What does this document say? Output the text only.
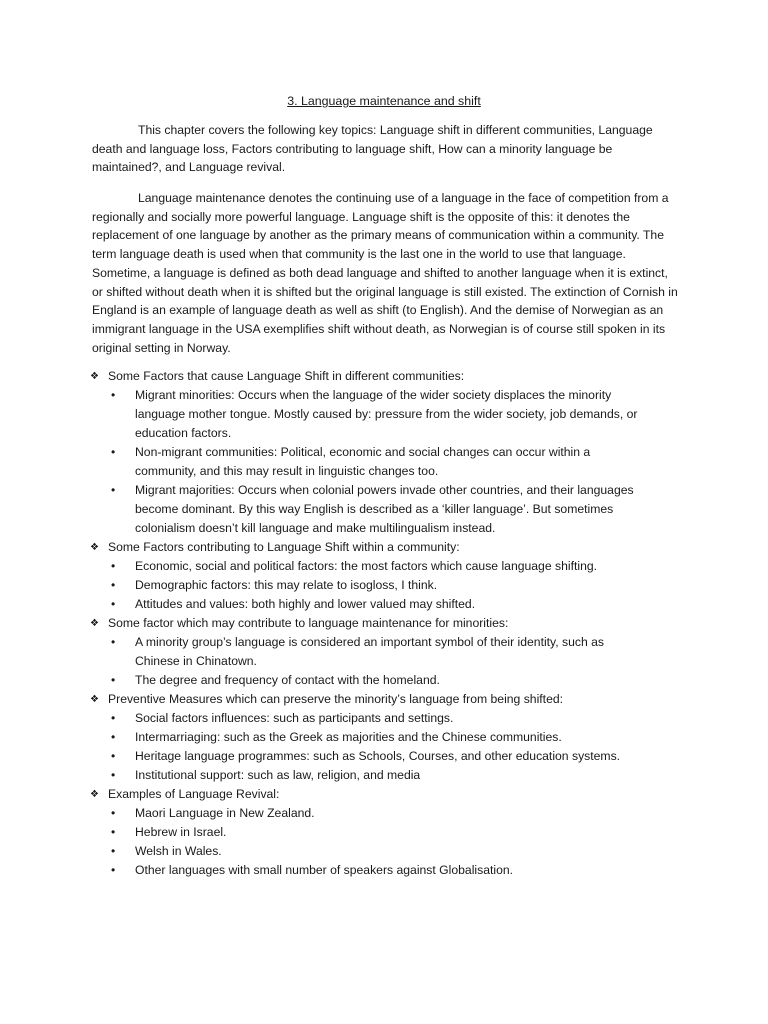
3. Language maintenance and shift

This chapter covers the following key topics: Language shift in different communities, Language death and language loss, Factors contributing to language shift, How can a minority language be maintained?, and Language revival.

Language maintenance denotes the continuing use of a language in the face of competition from a regionally and socially more powerful language. Language shift is the opposite of this: it denotes the replacement of one language by another as the primary means of communication within a community. The term language death is used when that community is the last one in the world to use that language. Sometime, a language is defined as both dead language and shifted to another language when it is extinct, or shifted without death when it is shifted but the original language is still existed. The extinction of Cornish in England is an example of language death as well as shift (to English). And the demise of Norwegian as an immigrant language in the USA exemplifies shift without death, as Norwegian is of course still spoken in its original setting in Norway.

❖ Some Factors that cause Language Shift in different communities:
•	Migrant minorities: Occurs when the language of the wider society displaces the minority language mother tongue. Mostly caused by: pressure from the wider society, job demands, or education factors.
•	Non-migrant communities: Political, economic and social changes can occur within a community, and this may result in linguistic changes too.
•	Migrant majorities: Occurs when colonial powers invade other countries, and their languages become dominant. By this way English is described as a ‘killer language’. But sometimes colonialism doesn’t kill language and make multilingualism instead.
❖ Some Factors contributing to Language Shift within a community:
•	Economic, social and political factors: the most factors which cause language shifting.
•	Demographic factors: this may relate to isogloss, I think.
•	Attitudes and values: both highly and lower valued may shifted.
❖ Some factor which may contribute to language maintenance for minorities:
•	A minority group’s language is considered an important symbol of their identity, such as Chinese in Chinatown.
•	The degree and frequency of contact with the homeland.
❖ Preventive Measures which can preserve the minority’s language from being shifted:
•	Social factors influences: such as participants and settings.
•	Intermarriaging: such as the Greek as majorities and the Chinese communities.
•	Heritage language programmes: such as Schools, Courses, and other education systems.
•	Institutional support: such as law, religion, and media
❖ Examples of Language Revival:
•	Maori Language in New Zealand.
•	Hebrew in Israel.
•	Welsh in Wales.
•	Other languages with small number of speakers against Globalisation.
